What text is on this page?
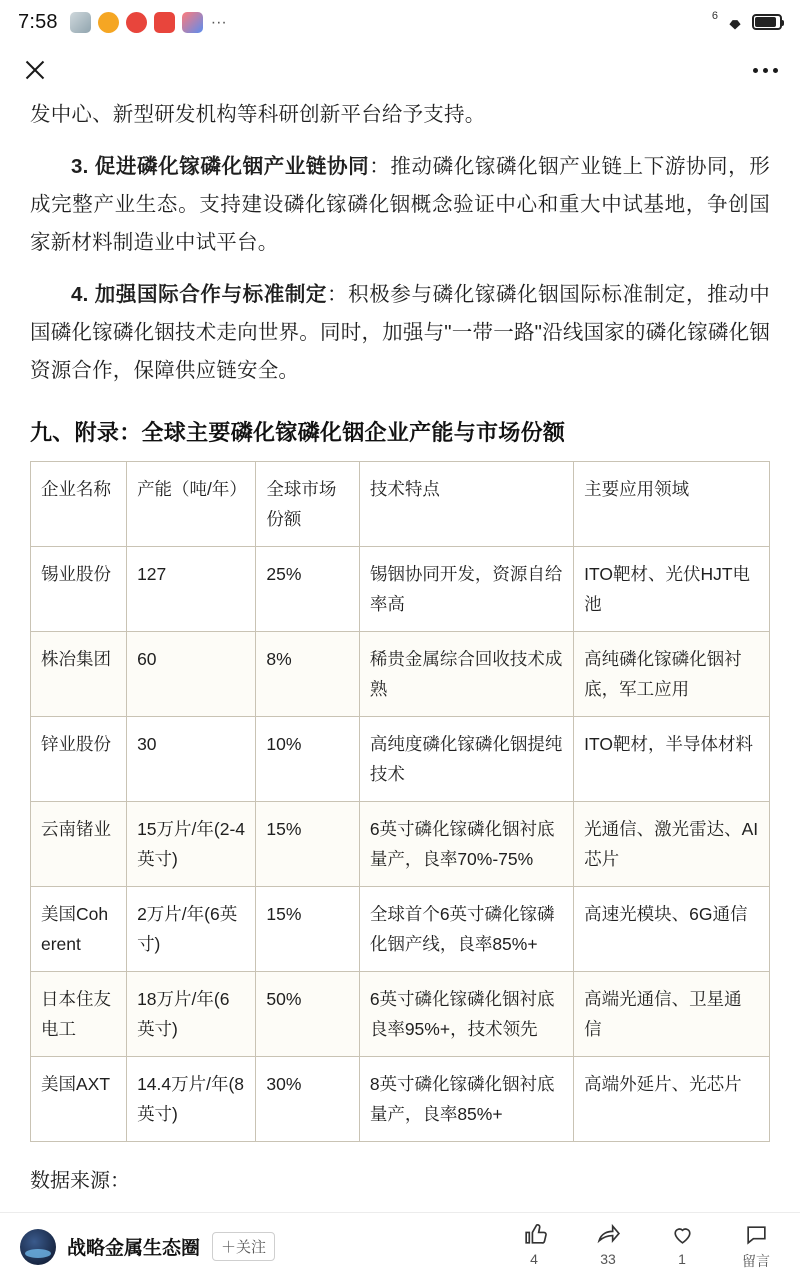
7:58	···	6

发中心、新型研发机构等科研创新平台给予支持。

3. 促进磷化镓磷化铟产业链协同：推动磷化镓磷化铟产业链上下游协同，形成完整产业生态。支持建设磷化镓磷化铟概念验证中心和重大中试基地，争创国家新材料制造业中试平台。

4. 加强国际合作与标准制定：积极参与磷化镓磷化铟国际标准制定，推动中国磷化镓磷化铟技术走向世界。同时，加强与"一带一路"沿线国家的磷化镓磷化铟资源合作，保障供应链安全。

九、附录：全球主要磷化镓磷化铟企业产能与市场份额
企业名称	产能（吨/年）	全球市场份额	技术特点	主要应用领域
锡业股份	127	25%	锡铟协同开发，资源自给率高	ITO靶材、光伏HJT电池
株冶集团	60	8%	稀贵金属综合回收技术成熟	高纯磷化镓磷化铟衬底，军工应用
锌业股份	30	10%	高纯度磷化镓磷化铟提纯技术	ITO靶材，半导体材料
云南锗业	15万片/年(2-4英寸)	15%	6英寸磷化镓磷化铟衬底量产，良率70%-75%	光通信、激光雷达、AI芯片
美国Coherent	2万片/年(6英寸)	15%	全球首个6英寸磷化镓磷化铟产线，良率85%+	高速光模块、6G通信
日本住友电工	18万片/年(6英寸)	50%	6英寸磷化镓磷化铟衬底良率95%+，技术领先	高端光通信、卫星通信
美国AXT	14.4万片/年(8英寸)	30%	8英寸磷化镓磷化铟衬底量产，良率85%+	高端外延片、光芯片
数据来源：
战略金属生态圈	＋关注
4	33	1	留言
